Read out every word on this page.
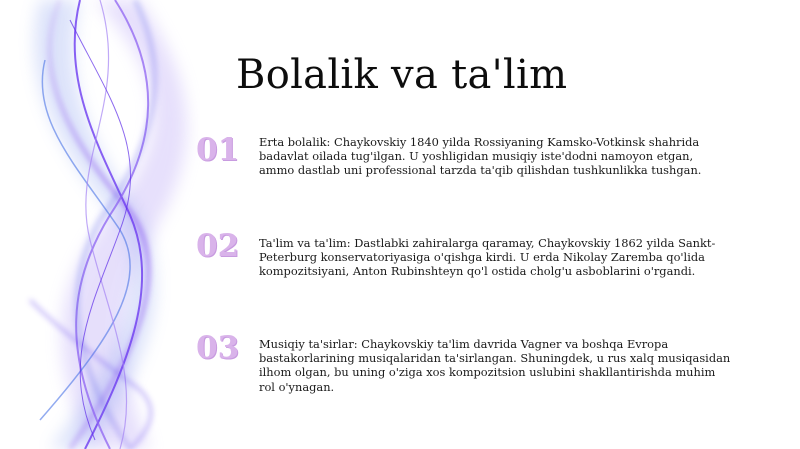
Bolalik va ta'lim
01	Erta bolalik: Chaykovskiy 1840 yilda Rossiyaning Kamsko-Votkinsk shahrida badavlat oilada tug'ilgan. U yoshligidan musiqiy iste'dodni namoyon etgan, ammo dastlab uni professional tarzda ta'qib qilishdan tushkunlikka tushgan.
02	Ta'lim va ta'lim: Dastlabki zahiralarga qaramay, Chaykovskiy 1862 yilda Sankt-Peterburg konservatoriyasiga o'qishga kirdi. U erda Nikolay Zaremba qo'lida kompozitsiyani, Anton Rubinshteyn qo'l ostida cholg'u asboblarini o'rgandi.
03	Musiqiy ta'sirlar: Chaykovskiy ta'lim davrida Vagner va boshqa Evropa bastakorlarining musiqalaridan ta'sirlangan. Shuningdek, u rus xalq musiqasidan ilhom olgan, bu uning o'ziga xos kompozitsion uslubini shakllantirishda muhim rol o'ynagan.
